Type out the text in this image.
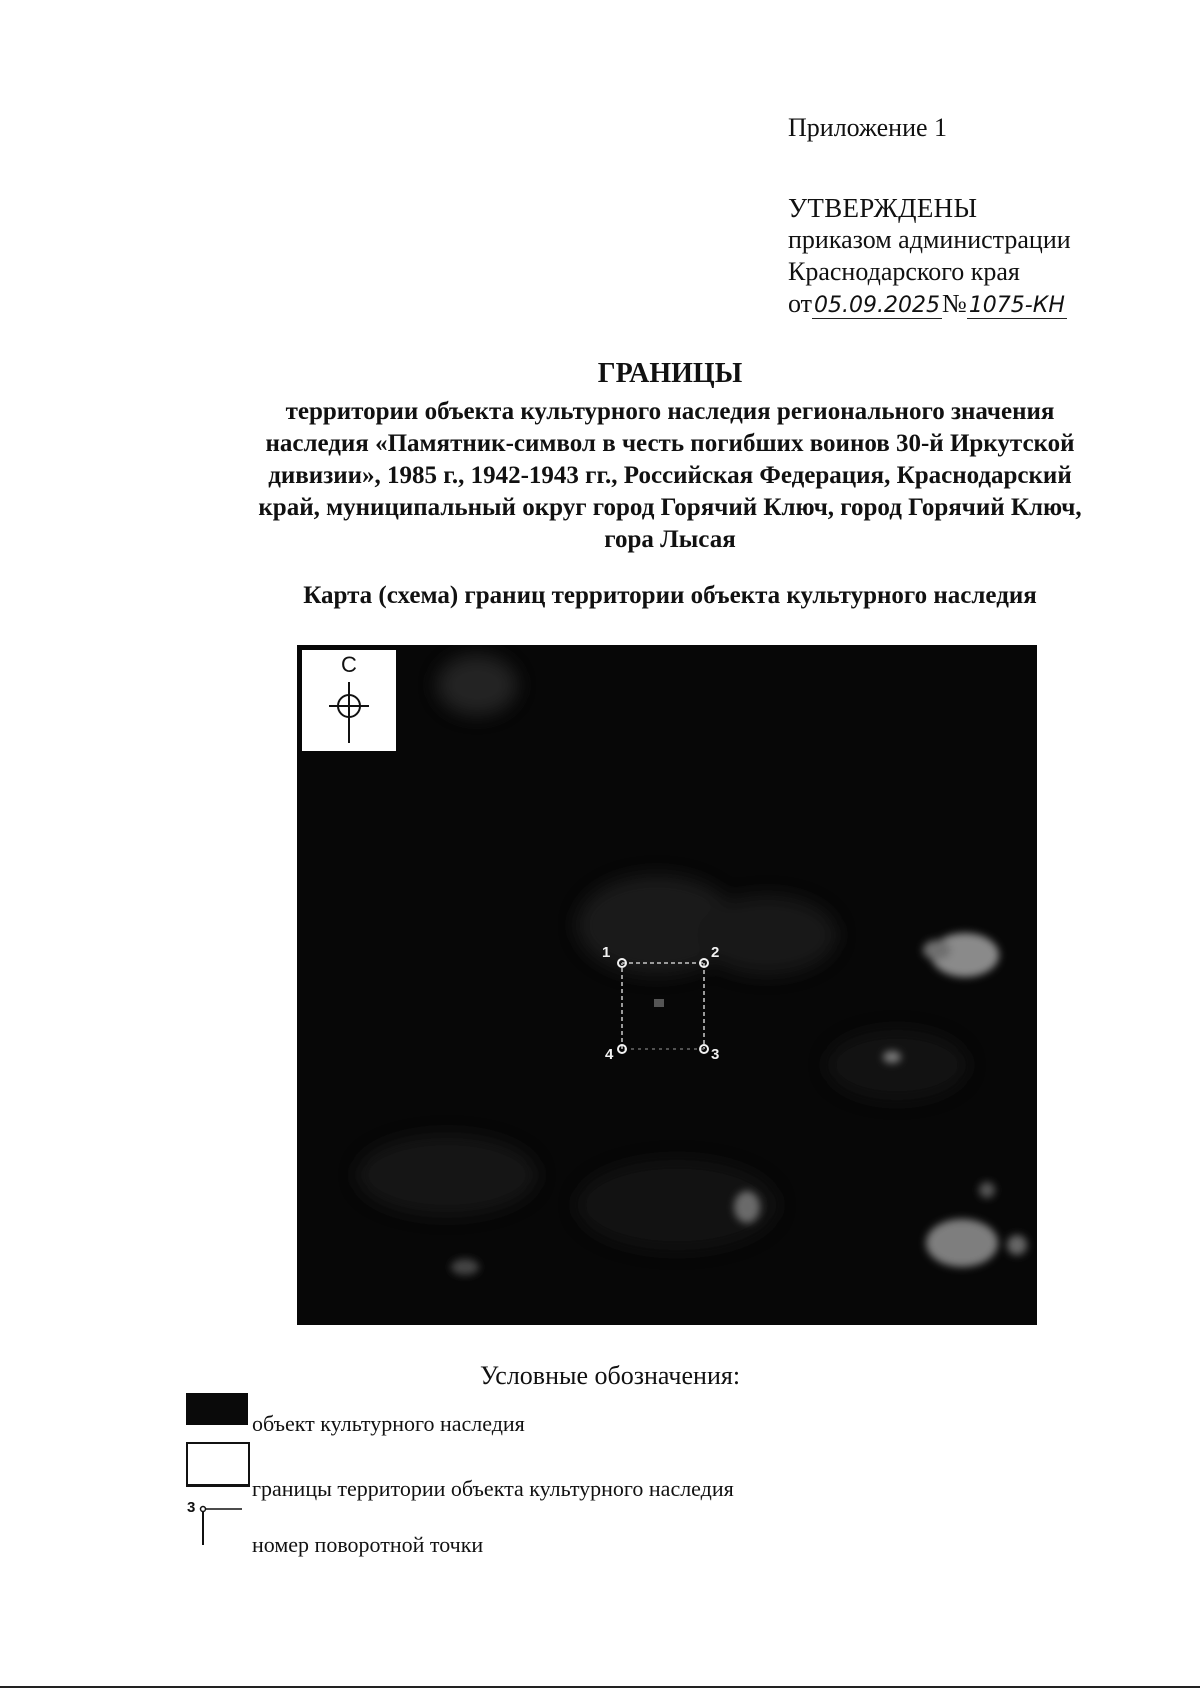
Приложение 1
УТВЕРЖДЕНЫ
приказом администрации
Краснодарского края
от05.09.2025№1075-КН
ГРАНИЦЫ
территории объекта культурного наследия регионального значения наследия «Памятник-символ в честь погибших воинов 30-й Иркутской дивизии», 1985 г., 1942-1943 гг., Российская Федерация, Краснодарский край, муниципальный округ город Горячий Ключ, город Горячий Ключ, гора Лысая
Карта (схема) границ территории объекта культурного наследия
1	2
3
4
С
Условные обозначения:
объект культурного наследия
границы территории объекта культурного наследия
3
номер поворотной точки
